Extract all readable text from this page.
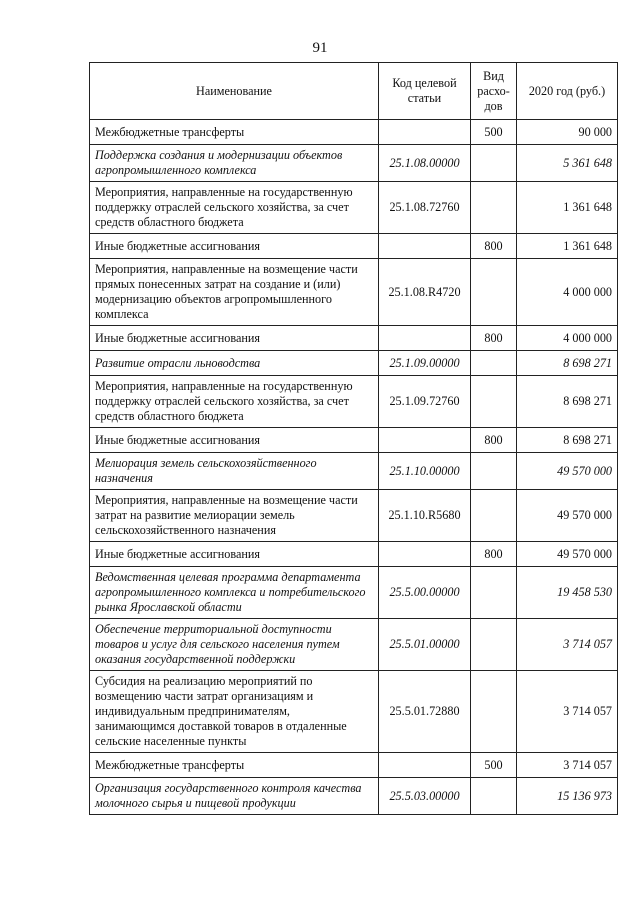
91
Наименование	Код целевой статьи	Вид расхо-дов	2020 год (руб.)
Межбюджетные трансферты		500	90 000
Поддержка создания и модернизации объектов агропромышленного комплекса	25.1.08.00000		5 361 648
Мероприятия, направленные на государственную поддержку отраслей сельского хозяйства, за счет средств областного бюджета	25.1.08.72760		1 361 648
Иные бюджетные ассигнования		800	1 361 648
Мероприятия, направленные на возмещение части прямых понесенных затрат на создание и (или) модернизацию объектов агропромышленного комплекса	25.1.08.R4720		4 000 000
Иные бюджетные ассигнования		800	4 000 000
Развитие отрасли льноводства	25.1.09.00000		8 698 271
Мероприятия, направленные на государственную поддержку отраслей сельского хозяйства, за счет средств областного бюджета	25.1.09.72760		8 698 271
Иные бюджетные ассигнования		800	8 698 271
Мелиорация земель сельскохозяйственного назначения	25.1.10.00000		49 570 000
Мероприятия, направленные на возмещение части затрат на развитие мелиорации земель сельскохозяйственного назначения	25.1.10.R5680		49 570 000
Иные бюджетные ассигнования		800	49 570 000
Ведомственная целевая программа департамента агропромышленного комплекса и потребительского рынка Ярославской области	25.5.00.00000		19 458 530
Обеспечение территориальной доступности товаров и услуг для сельского населения путем оказания государственной поддержки	25.5.01.00000		3 714 057
Субсидия на реализацию мероприятий по возмещению части затрат организациям и индивидуальным предпринимателям, занимающимся доставкой товаров в отдаленные сельские населенные пункты	25.5.01.72880		3 714 057
Межбюджетные трансферты		500	3 714 057
Организация государственного контроля качества молочного сырья и пищевой продукции	25.5.03.00000		15 136 973
